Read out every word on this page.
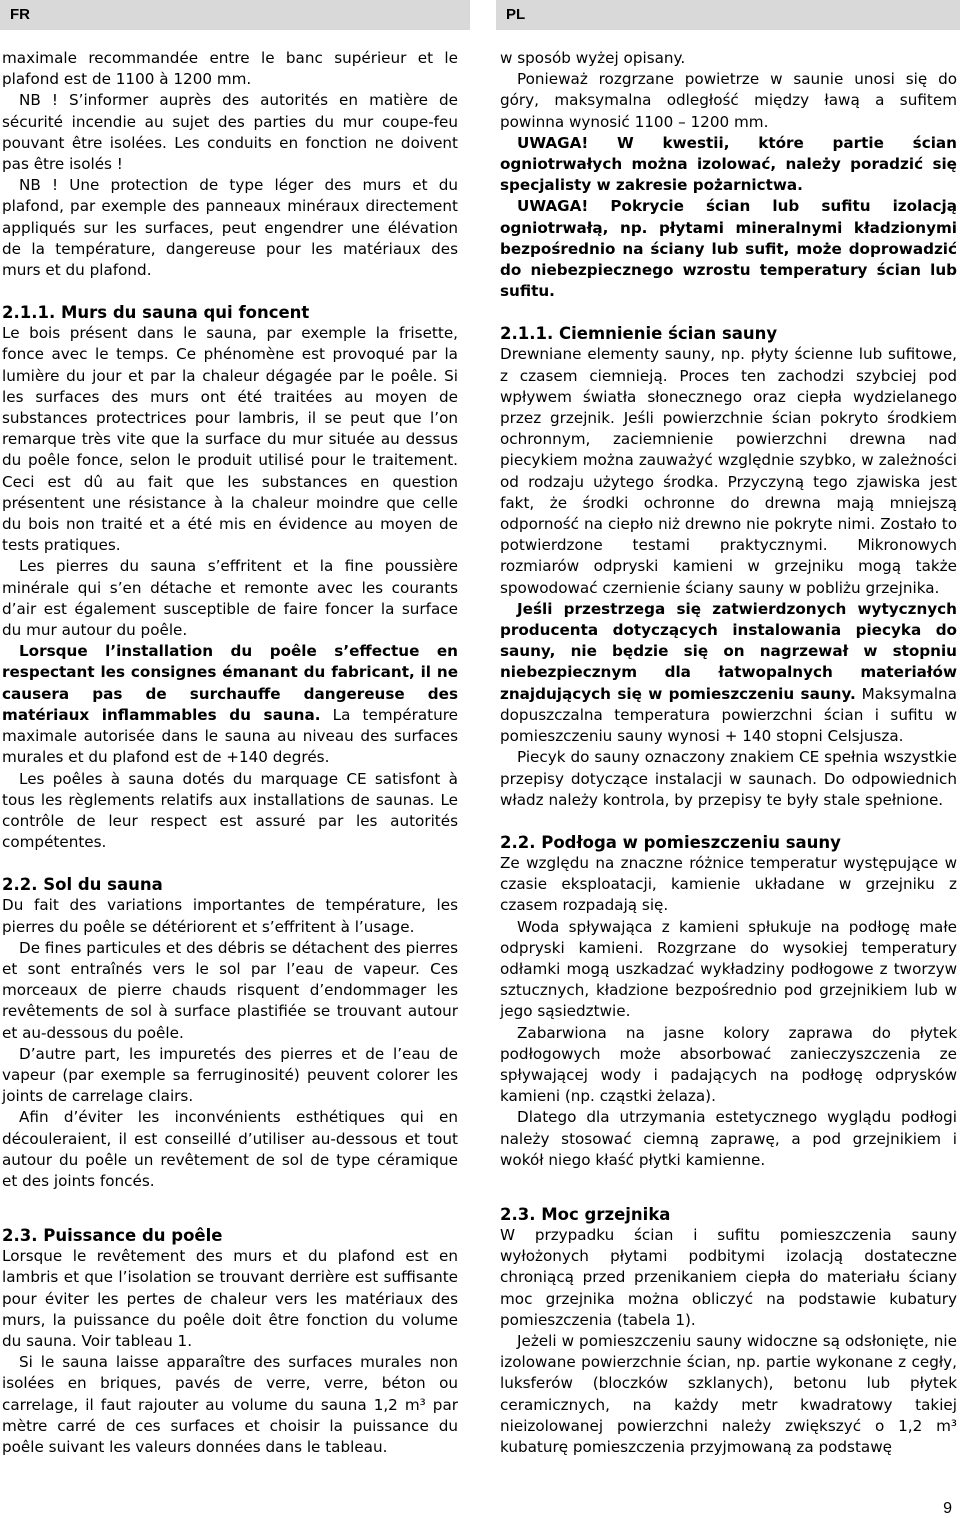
FR	PL

maximale recommandée entre le banc supérieur et le plafond est de 1100 à 1200 mm.

NB ! S’informer auprès des autorités en matière de sécurité incendie au sujet des parties du mur coupe-feu pouvant être isolées. Les conduits en fonction ne doivent pas être isolés !

NB ! Une protection de type léger des murs et du plafond, par exemple des panneaux minéraux directement appliqués sur les surfaces, peut engendrer une élévation de la température, dangereuse pour les matériaux des murs et du plafond.

2.1.1. Murs du sauna qui foncent

Le bois présent dans le sauna, par exemple la frisette, fonce avec le temps. Ce phénomène est provoqué par la lumière du jour et par la chaleur dégagée par le poêle. Si les surfaces des murs ont été traitées au moyen de substances protectrices pour lambris, il se peut que l’on remarque très vite que la surface du mur située au dessus du poêle fonce, selon le produit utilisé pour le traitement. Ceci est dû au fait que les substances en question présentent une résistance à la chaleur moindre que celle du bois non traité et a été mis en évidence au moyen de tests pratiques.

Les pierres du sauna s’effritent et la fine poussière minérale qui s’en détache et remonte avec les courants d’air est également susceptible de faire foncer la surface du mur autour du poêle.

Lorsque l’installation du poêle s’effectue en respectant les consignes émanant du fabricant, il ne causera pas de surchauffe dangereuse des matériaux inflammables du sauna. La température maximale autorisée dans le sauna au niveau des surfaces murales et du plafond est de +140 degrés.

Les poêles à sauna dotés du marquage CE satisfont à tous les règlements relatifs aux installations de saunas. Le contrôle de leur respect est assuré par les autorités compétentes.

2.2. Sol du sauna

Du fait des variations importantes de température, les pierres du poêle se détériorent et s’effritent à l’usage.

De fines particules et des débris se détachent des pierres et sont entraînés vers le sol par l’eau de vapeur. Ces morceaux de pierre chauds risquent d’endommager les revêtements de sol à surface plastifiée se trouvant autour et au-dessous du poêle.

D’autre part, les impuretés des pierres et de l’eau de vapeur (par exemple sa ferruginosité) peuvent colorer les joints de carrelage clairs.

Afin d’éviter les inconvénients esthétiques qui en découleraient, il est conseillé d’utiliser au-dessous et tout autour du poêle un revêtement de sol de type céramique et des joints foncés.

2.3. Puissance du poêle

Lorsque le revêtement des murs et du plafond est en lambris et que l’isolation se trouvant derrière est suffisante pour éviter les pertes de chaleur vers les matériaux des murs, la puissance du poêle doit être fonction du volume du sauna. Voir tableau 1.

Si le sauna laisse apparaître des surfaces murales non isolées en briques, pavés de verre, verre, béton ou carrelage, il faut rajouter au volume du sauna 1,2 m³ par mètre carré de ces surfaces et choisir la puissance du poêle suivant les valeurs données dans le tableau.

w sposób wyżej opisany.

Ponieważ rozgrzane powietrze w saunie unosi się do góry, maksymalna odległość między ławą a sufitem powinna wynosić 1100 – 1200 mm.

UWAGA! W kwestii, które partie ścian ogniotrwałych można izolować, należy poradzić się specjalisty w zakresie pożarnictwa.

UWAGA! Pokrycie ścian lub sufitu izolacją ogniotrwałą, np. płytami mineralnymi kładzionymi bezpośrednio na ściany lub sufit, może doprowadzić do niebezpiecznego wzrostu temperatury ścian lub sufitu.

2.1.1. Ciemnienie ścian sauny

Drewniane elementy sauny, np. płyty ścienne lub sufitowe, z czasem ciemnieją. Proces ten zachodzi szybciej pod wpływem światła słonecznego oraz ciepła wydzielanego przez grzejnik. Jeśli powierzchnie ścian pokryto środkiem ochronnym, zaciemnienie powierzchni drewna nad piecykiem można zauważyć względnie szybko, w zależności od rodzaju użytego środka. Przyczyną tego zjawiska jest fakt, że środki ochronne do drewna mają mniejszą odporność na ciepło niż drewno nie pokryte nimi. Zostało to potwierdzone testami praktycznymi. Mikronowych rozmiarów odpryski kamieni w grzejniku mogą także spowodować czernienie ściany sauny w pobliżu grzejnika.

Jeśli przestrzega się zatwierdzonych wytycznych producenta dotyczących instalowania piecyka do sauny, nie będzie się on nagrzewał w stopniu niebezpiecznym dla łatwopalnych materiałów znajdujących się w pomieszczeniu sauny. Maksymalna dopuszczalna temperatura powierzchni ścian i sufitu w pomieszczeniu sauny wynosi + 140 stopni Celsjusza.

Piecyk do sauny oznaczony znakiem CE spełnia wszystkie przepisy dotyczące instalacji w saunach. Do odpowiednich władz należy kontrola, by przepisy te były stale spełnione.

2.2. Podłoga w pomieszczeniu sauny

Ze względu na znaczne różnice temperatur występujące w czasie eksploatacji, kamienie układane w grzejniku z czasem rozpadają się.

Woda spływająca z kamieni spłukuje na podłogę małe odpryski kamieni. Rozgrzane do wysokiej temperatury odłamki mogą uszkadzać wykładziny podłogowe z tworzyw sztucznych, kładzione bezpośrednio pod grzejnikiem lub w jego sąsiedztwie.

Zabarwiona na jasne kolory zaprawa do płytek podłogowych może absorbować zanieczyszczenia ze spływającej wody i padających na podłogę odprysków kamieni (np. cząstki żelaza).

Dlatego dla utrzymania estetycznego wyglądu podłogi należy stosować ciemną zaprawę, a pod grzejnikiem i wokół niego kłaść płytki kamienne.

2.3. Moc grzejnika

W przypadku ścian i sufitu pomieszczenia sauny wyłożonych płytami podbitymi izolacją dostateczne chroniącą przed przenikaniem ciepła do materiału ściany moc grzejnika można obliczyć na podstawie kubatury pomieszczenia (tabela 1).

Jeżeli w pomieszczeniu sauny widoczne są odsłonięte, nie izolowane powierzchnie ścian, np. partie wykonane z cegły, luksferów (bloczków szklanych), betonu lub płytek ceramicznych, na każdy metr kwadratowy takiej nieizolowanej powierzchni należy zwiększyć o 1,2 m³ kubaturę pomieszczenia przyjmowaną za podstawę

9
